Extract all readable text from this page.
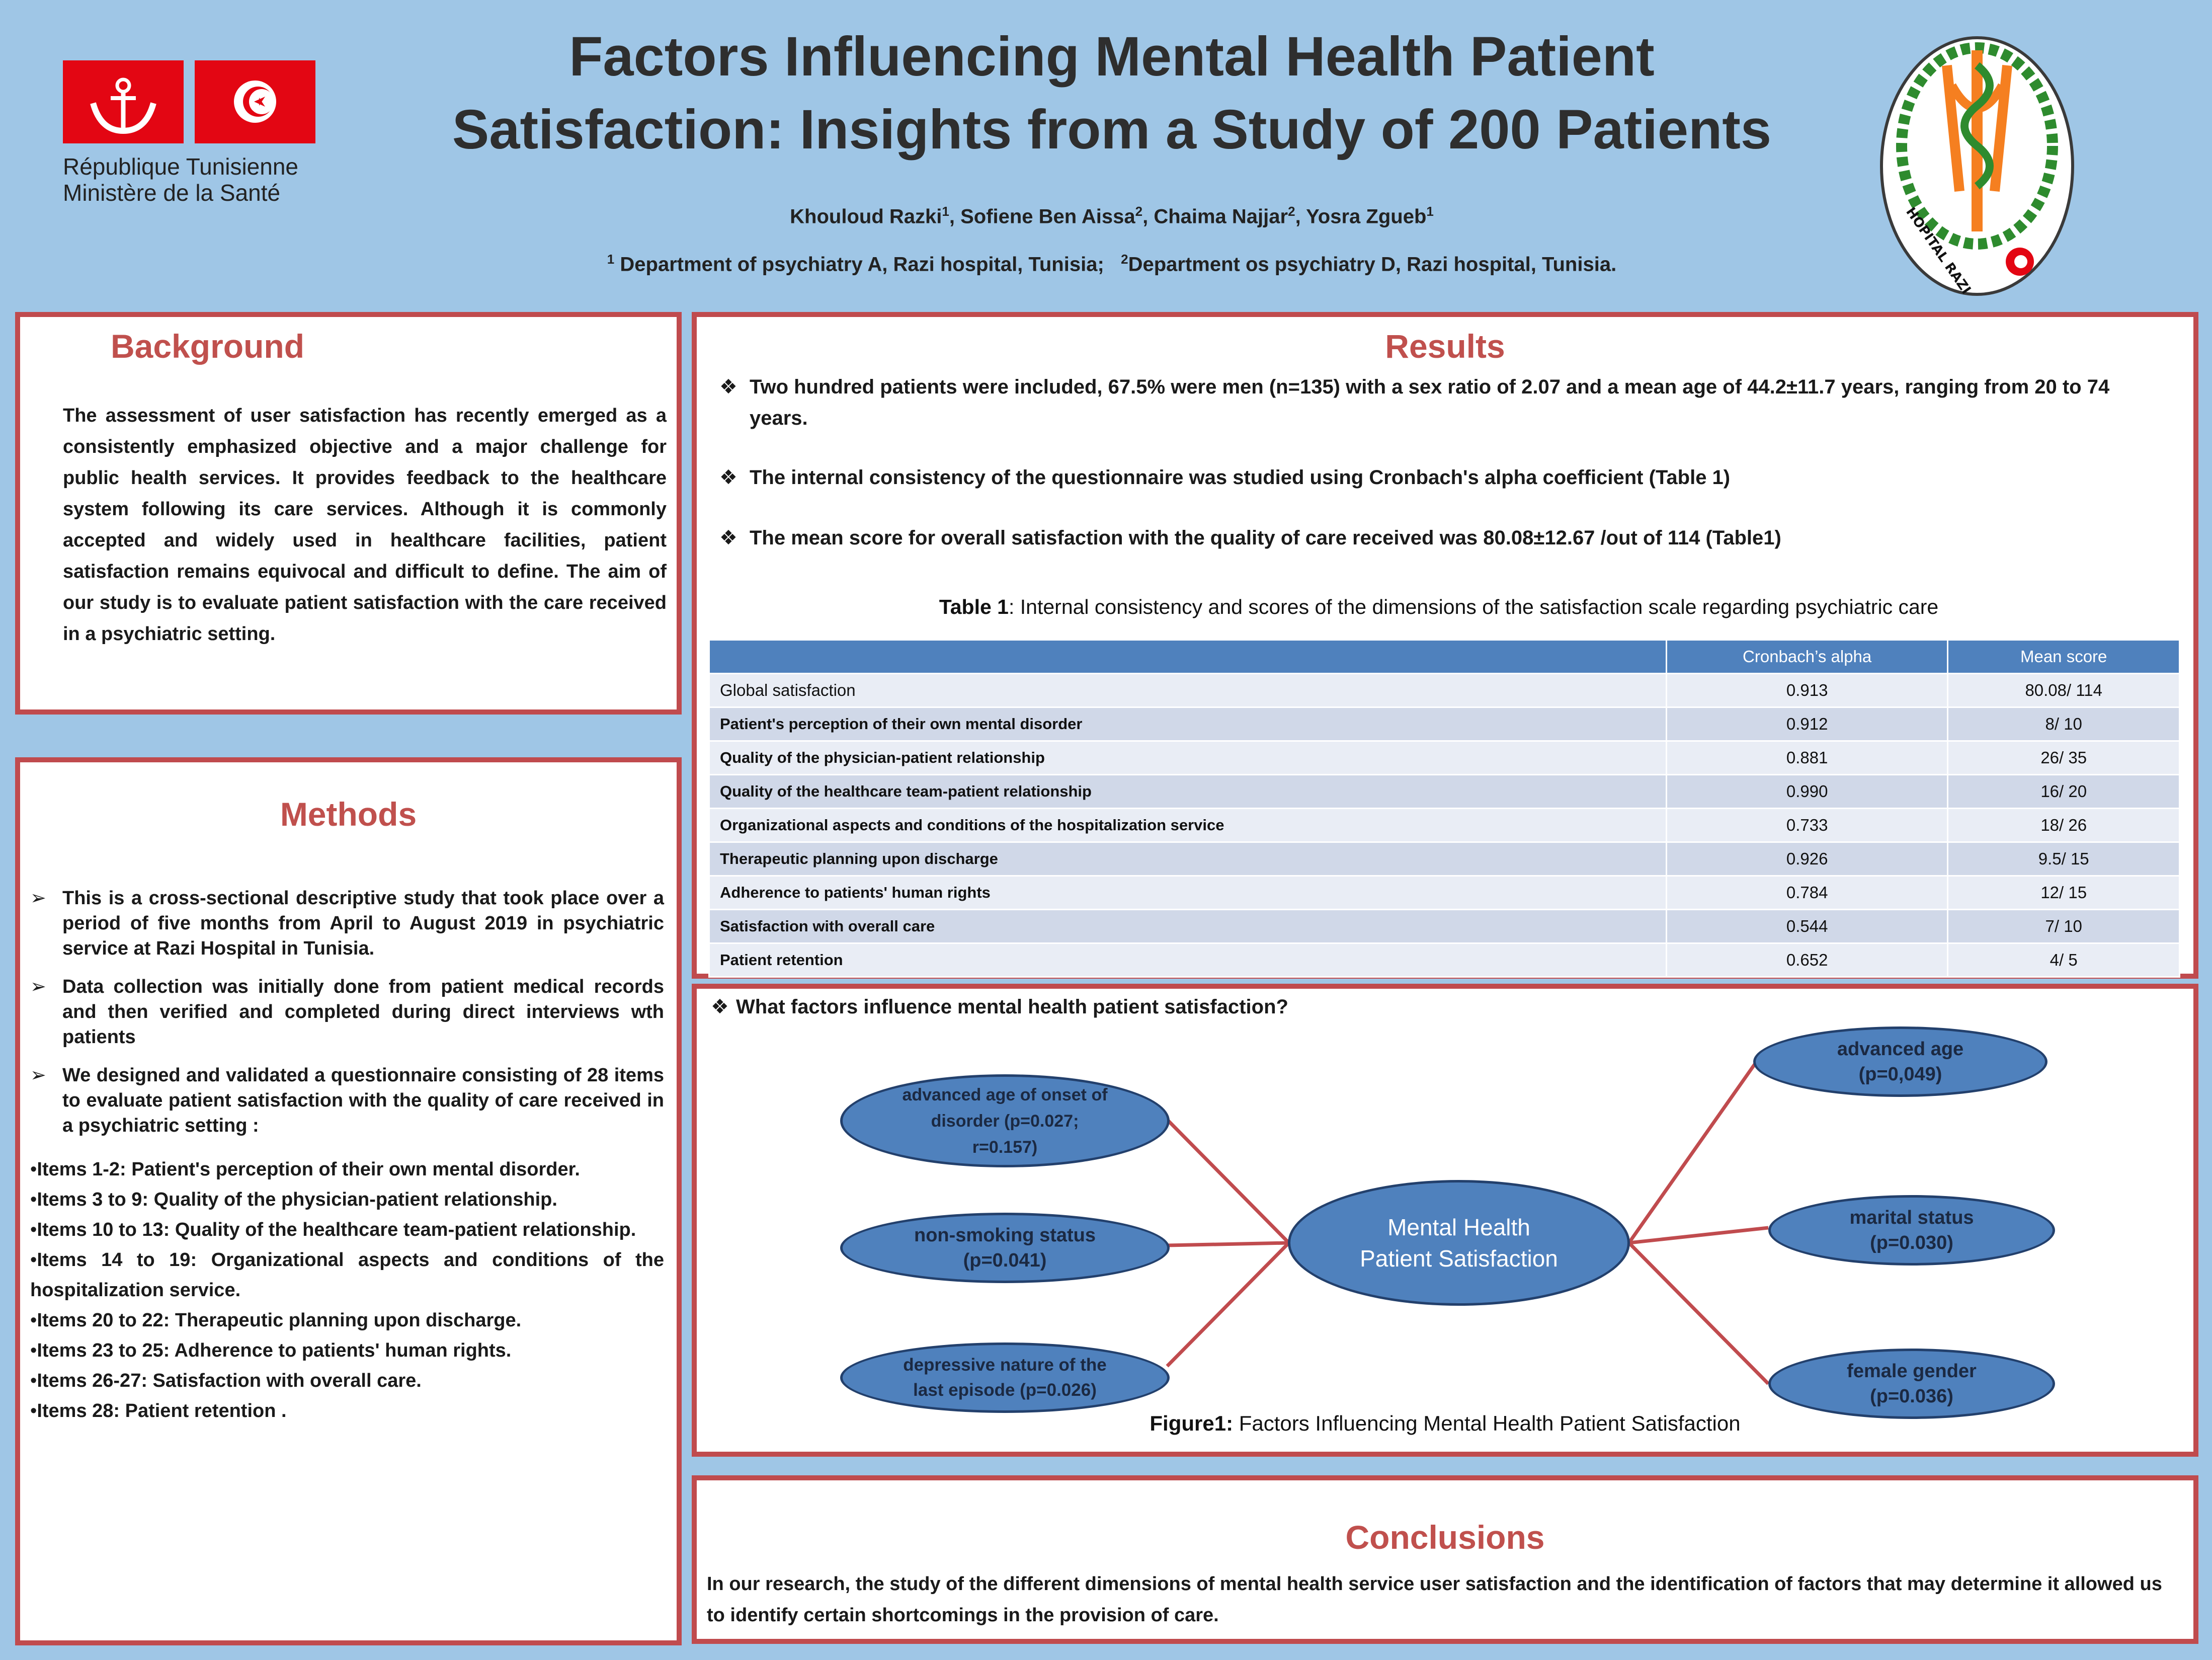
République Tunisienne
Ministère de la Santé
Factors Influencing Mental Health Patient
Satisfaction: Insights from a Study of 200 Patients
Khouloud Razki$^1$, Sofiene Ben Aissa$^2$, Chaima Najjar$^2$, Yosra Zgueb$^1$
$^1$ Department of psychiatry A, Razi hospital, Tunisia; $^2$Department os psychiatry D, Razi hospital, Tunisia.	HOPITAL RAZI
Background
The assessment of user satisfaction has recently emerged as a consistently emphasized objective and a major challenge for public health services. It provides feedback to the healthcare system following its care services. Although it is commonly accepted and widely used in healthcare facilities, patient satisfaction remains equivocal and difficult to define. The aim of our study is to evaluate patient satisfaction with the care received in a psychiatric setting.
Methods
➢ This is a cross-sectional descriptive study that took place over a period of five months from April to August 2019 in psychiatric service at Razi Hospital in Tunisia.
➢ Data collection was initially done from patient medical records and then verified and completed during direct interviews wth patients
➢ We designed and validated a questionnaire consisting of 28 items to evaluate patient satisfaction with the quality of care received in a psychiatric setting :
•Items 1-2: Patient's perception of their own mental disorder.
•Items 3 to 9: Quality of the physician-patient relationship.
•Items 10 to 13: Quality of the healthcare team-patient relationship.
•Items 14 to 19: Organizational aspects and conditions of the hospitalization service.
•Items 20 to 22: Therapeutic planning upon discharge.
•Items 23 to 25: Adherence to patients' human rights.
•Items 26-27: Satisfaction with overall care.
•Items 28: Patient retention .
Results
❖ Two hundred patients were included, 67.5% were men (n=135) with a sex ratio of 2.07 and a mean age of 44.2±11.7 years, ranging from 20 to 74 years.
❖ The internal consistency of the questionnaire was studied using Cronbach's alpha coefficient (Table 1)
❖ The mean score for overall satisfaction with the quality of care received was 80.08±12.67 /out of 114 (Table1)
Table 1: Internal consistency and scores of the dimensions of the satisfaction scale regarding psychiatric care
	Cronbach’s alpha	Mean score
Global satisfaction	0.913	80.08/ 114
Patient's perception of their own mental disorder	0.912	8/ 10
Quality of the physician-patient relationship	0.881	26/ 35
Quality of the healthcare team-patient relationship	0.990	16/ 20
Organizational aspects and conditions of the hospitalization service	0.733	18/ 26
Therapeutic planning upon discharge	0.926	9.5/ 15
Adherence to patients' human rights	0.784	12/ 15
Satisfaction with overall care	0.544	7/ 10
Patient retention	0.652	4/ 5
❖ What factors influence mental health patient satisfaction?
Mental Health
Patient Satisfaction
advanced age of onset of
disorder (p=0.027;
r=0.157)
non-smoking status
(p=0.041)
depressive nature of the
last episode (p=0.026)
advanced age
(p=0,049)
marital status
(p=0.030)
female gender
(p=0.036)
Figure1: Factors Influencing Mental Health Patient Satisfaction
Conclusions
In our research, the study of the different dimensions of mental health service user satisfaction and the identification of factors that may determine it allowed us to identify certain shortcomings in the provision of care.
